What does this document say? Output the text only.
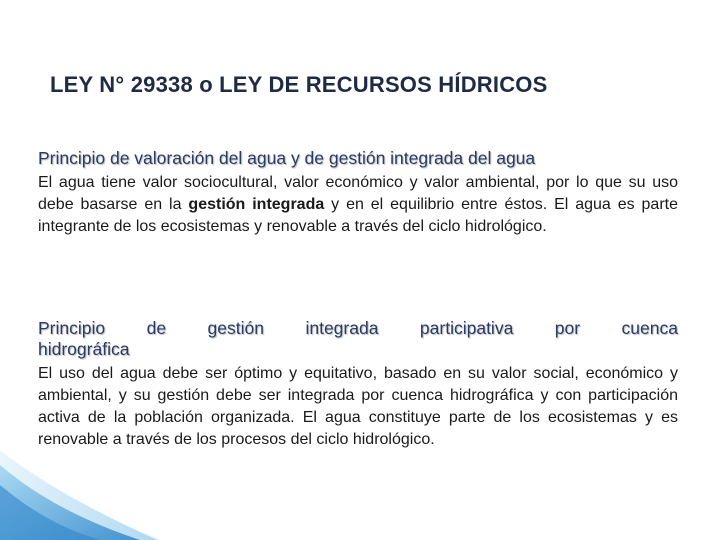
LEY N° 29338 o LEY DE RECURSOS HÍDRICOS
Principio de valoración del agua y de gestión integrada del agua
El agua tiene valor sociocultural, valor económico y valor ambiental, por lo que su uso debe basarse en la gestión integrada y en el equilibrio entre éstos. El agua es parte integrante de los ecosistemas y renovable a través del ciclo hidrológico.
Principio de gestión integrada participativa por cuenca
hidrográfica
El uso del agua debe ser óptimo y equitativo, basado en su valor social, económico y ambiental, y su gestión debe ser integrada por cuenca hidrográfica y con participación activa de la población organizada. El agua constituye parte de los ecosistemas y es renovable a través de los procesos del ciclo hidrológico.
